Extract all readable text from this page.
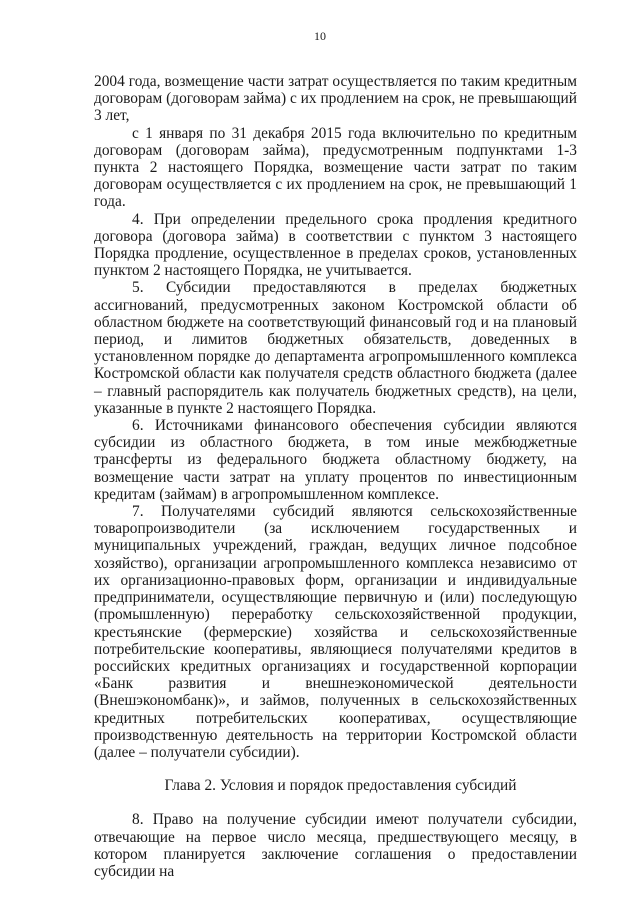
10

2004 года, возмещение части затрат осуществляется по таким кредитным договорам (договорам займа) с их продлением на срок, не превышающий 3 лет,

с 1 января по 31 декабря 2015 года включительно по кредитным договорам (договорам займа), предусмотренным подпунктами 1-3 пункта 2 настоящего Порядка, возмещение части затрат по таким договорам осуществляется с их продлением на срок, не превышающий 1 года.

4. При определении предельного срока продления кредитного договора (договора займа) в соответствии с пунктом 3 настоящего Порядка продление, осуществленное в пределах сроков, установленных пунктом 2 настоящего Порядка, не учитывается.

5. Субсидии предоставляются в пределах бюджетных ассигнований, предусмотренных законом Костромской области об областном бюджете на соответствующий финансовый год и на плановый период, и лимитов бюджетных обязательств, доведенных в установленном порядке до департамента агропромышленного комплекса Костромской области как получателя средств областного бюджета (далее – главный распорядитель как получатель бюджетных средств), на цели, указанные в пункте 2 настоящего Порядка.

6. Источниками финансового обеспечения субсидии являются субсидии из областного бюджета, в том иные межбюджетные трансферты из федерального бюджета областному бюджету, на возмещение части затрат на уплату процентов по инвестиционным кредитам (займам) в агропромышленном комплексе.

7. Получателями субсидий являются сельскохозяйственные товаропроизводители (за исключением государственных и муниципальных учреждений, граждан, ведущих личное подсобное хозяйство), организации агропромышленного комплекса независимо от их организационно-правовых форм, организации и индивидуальные предприниматели, осуществляющие первичную и (или) последующую (промышленную) переработку сельскохозяйственной продукции, крестьянские (фермерские) хозяйства и сельскохозяйственные потребительские кооперативы, являющиеся получателями кредитов в российских кредитных организациях и государственной корпорации «Банк развития и внешнеэкономической деятельности (Внешэкономбанк)», и займов, полученных в сельскохозяйственных кредитных потребительских кооперативах, осуществляющие производственную деятельность на территории Костромской области (далее – получатели субсидии).

Глава 2. Условия и порядок предоставления субсидий

8. Право на получение субсидии имеют получатели субсидии, отвечающие на первое число месяца, предшествующего месяцу, в котором планируется заключение соглашения о предоставлении субсидии на
